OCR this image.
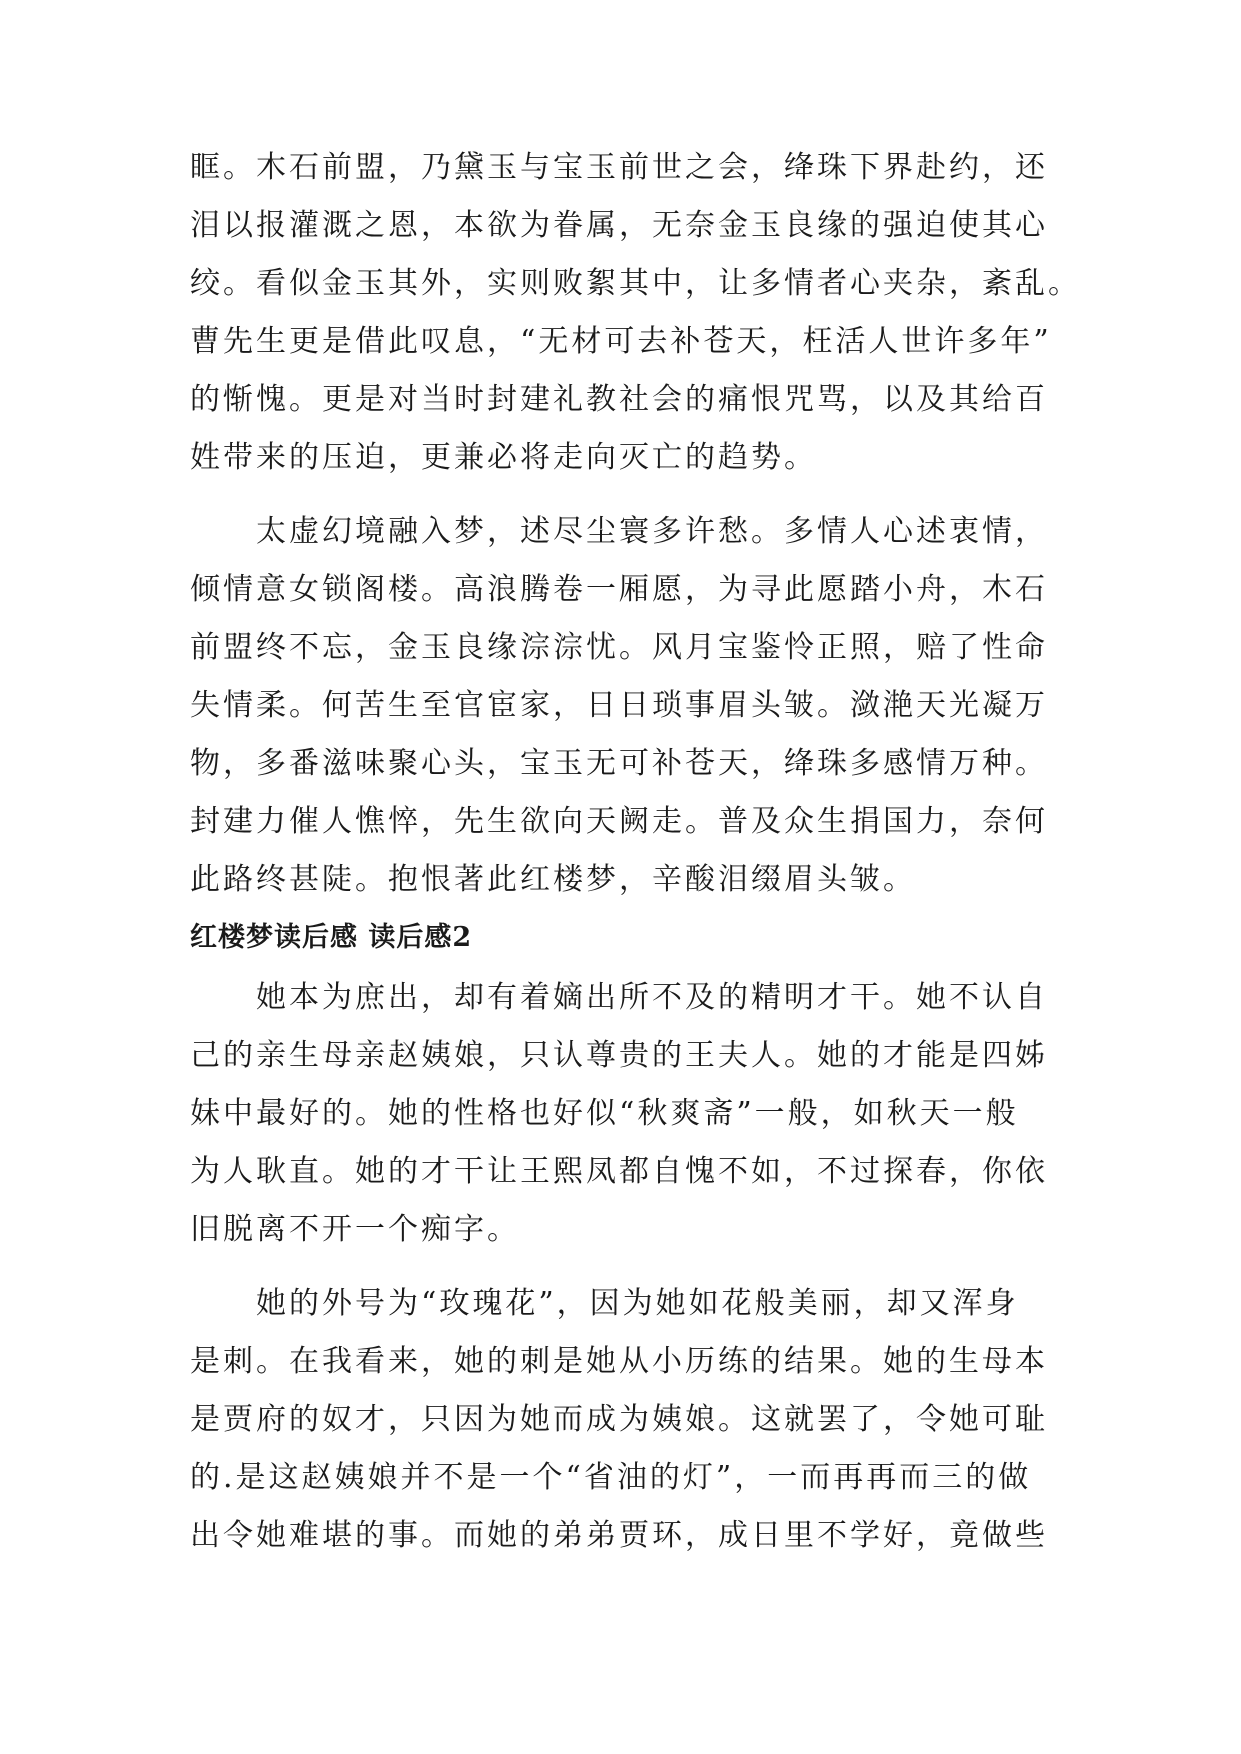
眶。木石前盟，乃黛玉与宝玉前世之会，绛珠下界赴约，还

泪以报灌溉之恩，本欲为眷属，无奈金玉良缘的强迫使其心

绞。看似金玉其外，实则败絮其中，让多情者心夹杂，紊乱。

曹先生更是借此叹息，“无材可去补苍天，枉活人世许多年”

的惭愧。更是对当时封建礼教社会的痛恨咒骂，以及其给百

姓带来的压迫，更兼必将走向灭亡的趋势。

太虚幻境融入梦，述尽尘寰多许愁。多情人心述衷情，

倾情意女锁阁楼。高浪腾卷一厢愿，为寻此愿踏小舟，木石

前盟终不忘，金玉良缘淙淙忧。风月宝鉴怜正照，赔了性命

失情柔。何苦生至官宦家，日日琐事眉头皱。潋滟天光凝万

物，多番滋味聚心头，宝玉无可补苍天，绛珠多感情万种。

封建力催人憔悴，先生欲向天阙走。普及众生捐国力，奈何

此路终甚陡。抱恨著此红楼梦，辛酸泪缀眉头皱。

红楼梦读后感 读后感2

她本为庶出，却有着嫡出所不及的精明才干。她不认自

己的亲生母亲赵姨娘，只认尊贵的王夫人。她的才能是四姊

妹中最好的。她的性格也好似“秋爽斋”一般，如秋天一般

为人耿直。她的才干让王熙凤都自愧不如，不过探春，你依

旧脱离不开一个痴字。

她的外号为“玫瑰花”，因为她如花般美丽，却又浑身

是刺。在我看来，她的刺是她从小历练的结果。她的生母本

是贾府的奴才，只因为她而成为姨娘。这就罢了，令她可耻

的.是这赵姨娘并不是一个“省油的灯”，一而再再而三的做

出令她难堪的事。而她的弟弟贾环，成日里不学好，竟做些
